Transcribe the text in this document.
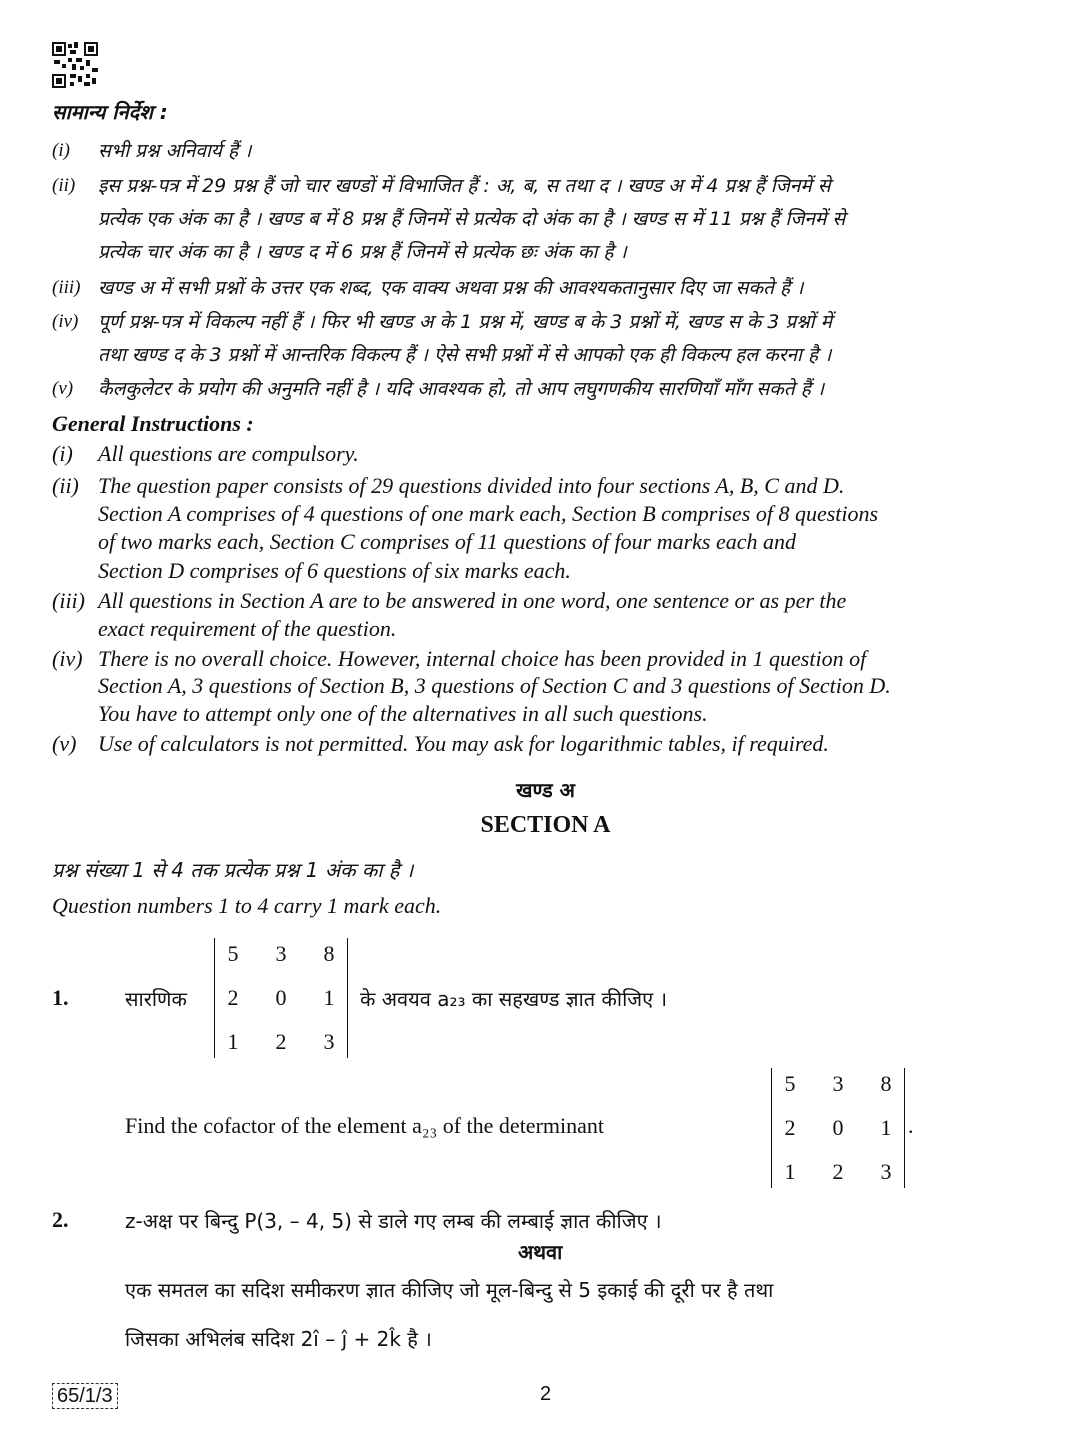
सामान्य निर्देश :
(i) सभी प्रश्न अनिवार्य हैं ।
(ii) इस प्रश्न-पत्र में 29 प्रश्न हैं जो चार खण्डों में विभाजित हैं : अ, ब, स तथा द । खण्ड अ में 4 प्रश्न हैं जिनमें से
प्रत्येक एक अंक का है । खण्ड ब में 8 प्रश्न हैं जिनमें से प्रत्येक दो अंक का है । खण्ड स में 11 प्रश्न हैं जिनमें से
प्रत्येक चार अंक का है । खण्ड द में 6 प्रश्न हैं जिनमें से प्रत्येक छः अंक का है ।
(iii) खण्ड अ में सभी प्रश्नों के उत्तर एक शब्द, एक वाक्य अथवा प्रश्न की आवश्यकतानुसार दिए जा सकते हैं ।
(iv) पूर्ण प्रश्न-पत्र में विकल्प नहीं हैं । फिर भी खण्ड अ के 1 प्रश्न में, खण्ड ब के 3 प्रश्नों में, खण्ड स के 3 प्रश्नों में
तथा खण्ड द के 3 प्रश्नों में आन्तरिक विकल्प हैं । ऐसे सभी प्रश्नों में से आपको एक ही विकल्प हल करना है ।
(v) कैलकुलेटर के प्रयोग की अनुमति नहीं है । यदि आवश्यक हो, तो आप लघुगणकीय सारणियाँ माँग सकते हैं ।
General Instructions :
(i) All questions are compulsory.
(ii) The question paper consists of 29 questions divided into four sections A, B, C and D.
Section A comprises of 4 questions of one mark each, Section B comprises of 8 questions
of two marks each, Section C comprises of 11 questions of four marks each and
Section D comprises of 6 questions of six marks each.
(iii) All questions in Section A are to be answered in one word, one sentence or as per the
exact requirement of the question.
(iv) There is no overall choice. However, internal choice has been provided in 1 question of
Section A, 3 questions of Section B, 3 questions of Section C and 3 questions of Section D.
You have to attempt only one of the alternatives in all such questions.
(v) Use of calculators is not permitted. You may ask for logarithmic tables, if required.
खण्ड अ
SECTION A
प्रश्न संख्या 1 से 4 तक प्रत्येक प्रश्न 1 अंक का है ।
Question numbers 1 to 4 carry 1 mark each.
1.	सारणिक
5	3	8
2	0	1
1	2	3
के अवयव a₂₃ का सहखण्ड ज्ञात कीजिए ।
Find the cofactor of the element a₂₃ of the determinant
5	3	8
2	0	1
1	2	3
.
2.	z-अक्ष पर बिन्दु P(3, – 4, 5) से डाले गए लम्ब की लम्बाई ज्ञात कीजिए ।
अथवा
एक समतल का सदिश समीकरण ज्ञात कीजिए जो मूल-बिन्दु से 5 इकाई की दूरी पर है तथा
जिसका अभिलंब सदिश 2î – ĵ + 2k̂ है ।
65/1/3	2
